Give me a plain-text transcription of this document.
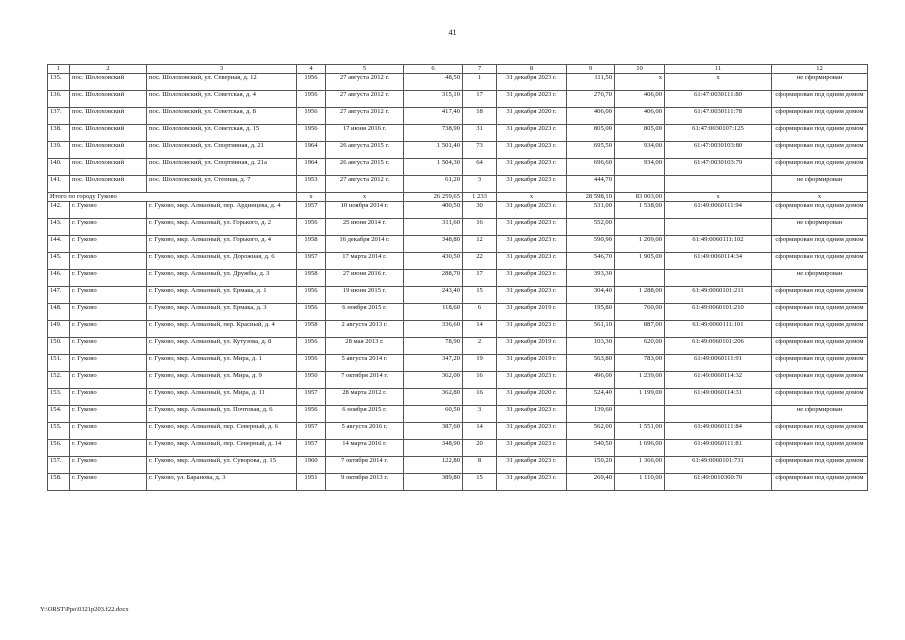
41
1	2	3	4	5	6	7	8	9	10	11	12
135.	пос. Шолоховский	пос. Шолоховский, ул. Северная, д. 12	1956	27 августа 2012 г.	48,50	1	31 декабря 2023 г.	111,50	х	х	не сформирован
136.	пос. Шолоховский	пос. Шолоховский, ул. Советская, д. 4	1956	27 августа 2012 г.	315,10	17	31 декабря 2023 г.	276,70	406,00	61:47:0030111:80	сформирован под одним домом
137.	пос. Шолоховский	пос. Шолоховский, ул. Советская, д. 8	1956	27 августа 2012 г.	417,40	18	31 декабря 2020 г.	406,00	406,00	61:47:0030111:78	сформирован под одним домом
138.	пос. Шолоховский	пос. Шолоховский, ул. Советская, д. 15	1956	17 июня 2016 г.	738,90	31	31 декабря 2023 г.	805,00	805,00	61:47:0030107:125	сформирован под одним домом
139.	пос. Шолоховский	пос. Шолоховский, ул. Спортивная, д. 21	1964	26 августа 2015 г.	1 501,40	73	31 декабря 2023 г.	695,50	934,00	61:47:0030103:80	сформирован под одним домом
140.	пос. Шолоховский	пос. Шолоховский, ул. Спортивная, д. 21а	1964	26 августа 2015 г.	1 504,30	64	31 декабря 2023 г.	696,60	934,00	61:47:0030103:79	сформирован под одним домом
141.	пос. Шолоховский	пос. Шолоховский, ул. Степная, д. 7	1953	27 августа 2012 г.	61,20	3	31 декабря 2023 г.	444,70			не сформирован
Итого по городу Гуково			х	х	26 259,65	1 233	х	28 598,10	83 003,00	х	х
142.	г. Гуково	г. Гуково, мкр. Алмазный, пер. Ардинцева, д. 4	1957	10 ноября 2014 г.	400,50	30	31 декабря 2023 г.	531,00	1 538,00	61:49:0060111:94	сформирован под одним домом
143.	г. Гуково	г. Гуково, мкр. Алмазный, ул. Горького, д. 2	1956	25 июня 2014 г.	311,60	16	31 декабря 2023 г.	552,00			не сформирован
144.	г. Гуково	г. Гуково, мкр. Алмазный, ул. Горького, д. 4	1958	16 декабря 2014 г.	348,80	12	31 декабря 2023 г.	590,90	1 209,00	61:49:0060111:102	сформирован под одним домом
145.	г. Гуково	г. Гуково, мкр. Алмазный, ул. Дорожная, д. 6	1957	17 марта 2014 г.	430,50	22	31 декабря 2023 г.	546,70	1 905,00	61:49:0060114:34	сформирован под одним домом
146.	г. Гуково	г. Гуково, мкр. Алмазный, ул. Дружбы, д. 3	1958	27 июня 2016 г.	288,70	17	31 декабря 2023 г.	393,30			не сформирован
147.	г. Гуково	г. Гуково, мкр. Алмазный, ул. Ермака, д. 1	1956	19 июня 2015 г.	243,40	15	31 декабря 2023 г.	304,40	1 288,00	61:49:0060101:211	сформирован под одним домом
148.	г. Гуково	г. Гуково, мкр. Алмазный, ул. Ермака, д. 3	1956	6 ноября 2015 г.	118,60	6	31 декабря 2019 г.	195,80	760,00	61:49:0060101:210	сформирован под одним домом
149.	г. Гуково	г. Гуково, мкр. Алмазный, пер. Красный, д. 4	1958	2 августа 2013 г.	336,60	14	31 декабря 2023 г.	561,10	887,00	61:49:0060111:101	сформирован под одним домом
150.	г. Гуково	г. Гуково, мкр. Алмазный, ул. Кутузова, д. 8	1956	28 мая 2013 г.	78,90	2	31 декабря 2019 г.	103,30	620,00	61:49:0060101:206	сформирован под одним домом
151.	г. Гуково	г. Гуково, мкр. Алмазный, ул. Мира, д. 1	1956	5 августа 2014 г.	347,20	19	31 декабря 2019 г.	563,80	783,00	61:49:0060111:91	сформирован под одним домом
152.	г. Гуково	г. Гуково, мкр. Алмазный, ул. Мира, д. 9	1950	7 октября 2014 г.	362,00	16	31 декабря 2023 г.	496,00	1 239,00	61:49:0060114:32	сформирован под одним домом
153.	г. Гуково	г. Гуково, мкр. Алмазный, ул. Мира, д. 11	1957	28 марта 2012 г.	362,80	16	31 декабря 2020 г.	524,40	1 199,00	61:49:0060114:31	сформирован под одним домом
154.	г. Гуково	г. Гуково, мкр. Алмазный, ул. Почтовая, д. 6	1956	6 ноября 2015 г.	60,50	3	31 декабря 2023 г.	139,60			не сформирован
155.	г. Гуково	г. Гуково, мкр. Алмазный, пер. Северный, д. 6	1957	5 августа 2016 г.	387,60	14	31 декабря 2023 г.	562,00	1 551,00	61:49:0060111:84	сформирован под одним домом
156.	г. Гуково	г. Гуково, мкр. Алмазный, пер. Северный, д. 14	1957	14 марта 2016 г.	348,90	20	31 декабря 2023 г.	540,50	1 696,00	61:49:0060111:81	сформирован под одним домом
157.	г. Гуково	г. Гуково, мкр. Алмазный, ул. Суворова, д. 15	1960	7 октября 2014 г.	122,80	8	31 декабря 2023 г.	150,20	1 366,00	61:49:0060101:731	сформирован под одним домом
158.	г. Гуково	г. Гуково, ул. Баранова, д. 3	1951	9 октября 2013 г.	389,80	15	31 декабря 2023 г.	269,40	1 110,00	61:49:0010360:70	сформирован под одним домом
Y:\ORST\Ppo\0321p203.f22.docx
